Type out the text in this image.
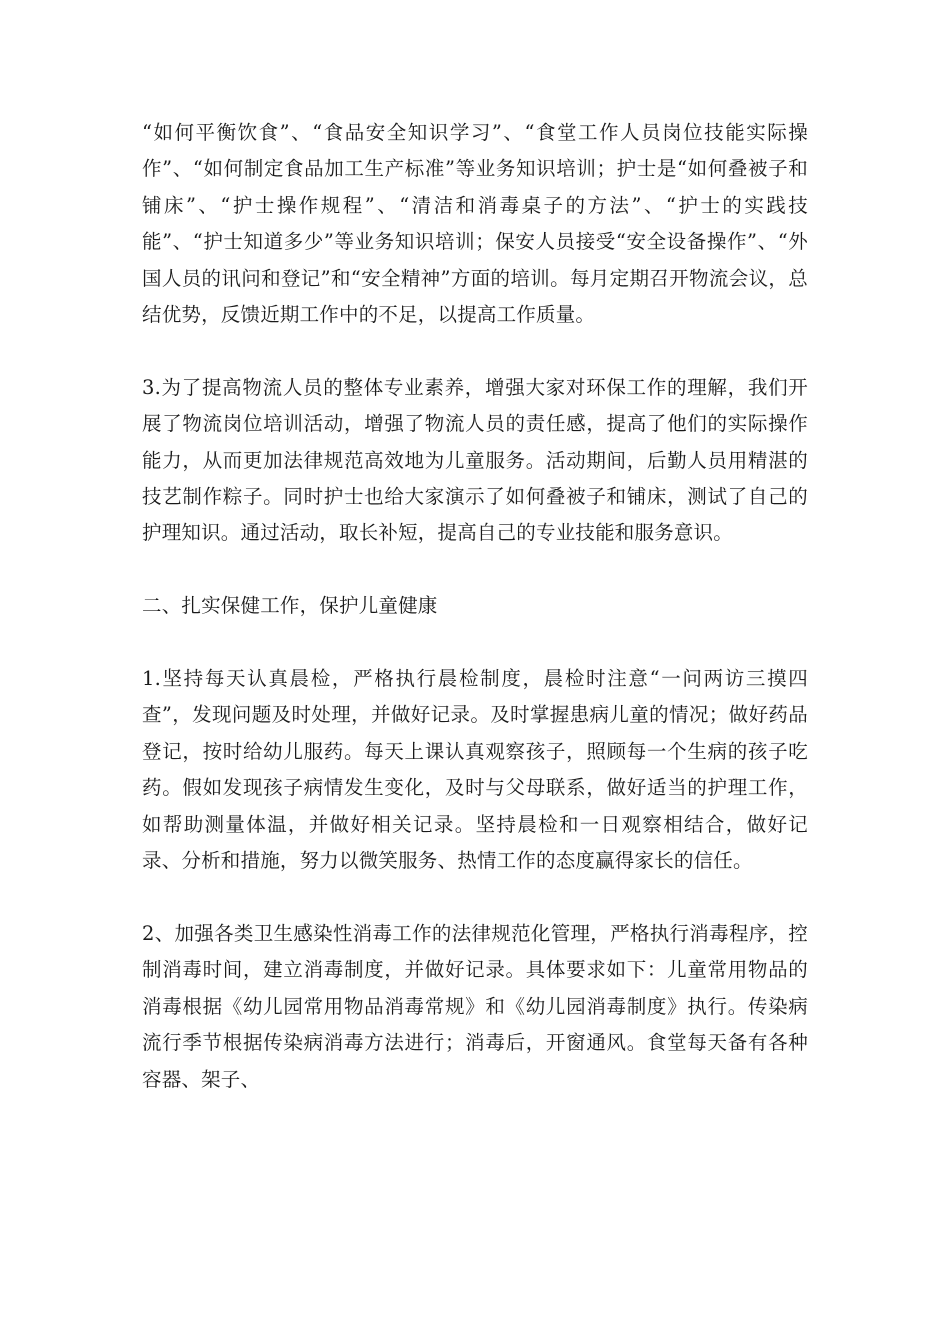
“如何平衡饮食”、“食品安全知识学习”、“食堂工作人员岗位技能实际操作”、“如何制定食品加工生产标准”等业务知识培训；护士是“如何叠被子和铺床”、“护士操作规程”、“清洁和消毒桌子的方法”、“护士的实践技能”、“护士知道多少”等业务知识培训；保安人员接受“安全设备操作”、“外国人员的讯问和登记”和“安全精神”方面的培训。每月定期召开物流会议，总结优势，反馈近期工作中的不足，以提高工作质量。

3.为了提高物流人员的整体专业素养，增强大家对环保工作的理解，我们开展了物流岗位培训活动，增强了物流人员的责任感，提高了他们的实际操作能力，从而更加法律规范高效地为儿童服务。活动期间，后勤人员用精湛的技艺制作粽子。同时护士也给大家演示了如何叠被子和铺床，测试了自己的护理知识。通过活动，取长补短，提高自己的专业技能和服务意识。

二、扎实保健工作，保护儿童健康

1.坚持每天认真晨检，严格执行晨检制度，晨检时注意“一问两访三摸四查”，发现问题及时处理，并做好记录。及时掌握患病儿童的情况；做好药品登记，按时给幼儿服药。每天上课认真观察孩子，照顾每一个生病的孩子吃药。假如发现孩子病情发生变化，及时与父母联系，做好适当的护理工作，如帮助测量体温，并做好相关记录。坚持晨检和一日观察相结合，做好记录、分析和措施，努力以微笑服务、热情工作的态度赢得家长的信任。

2、加强各类卫生感染性消毒工作的法律规范化管理，严格执行消毒程序，控制消毒时间，建立消毒制度，并做好记录。具体要求如下：儿童常用物品的消毒根据《幼儿园常用物品消毒常规》和《幼儿园消毒制度》执行。传染病流行季节根据传染病消毒方法进行；消毒后，开窗通风。食堂每天备有各种容器、架子、
